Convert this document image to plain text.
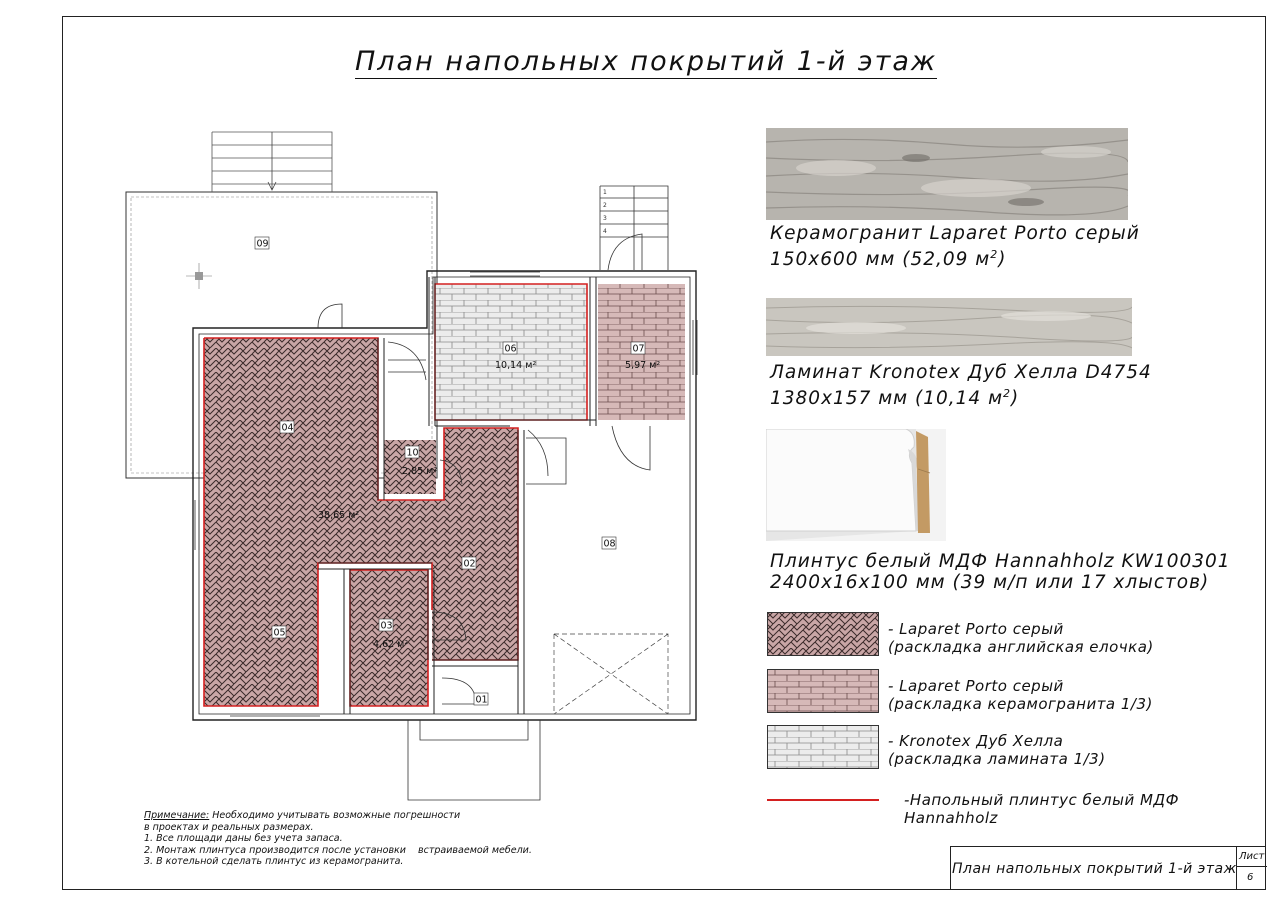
План напольных покрытий 1-й этаж
09
06
10,14 м²
07
5,97 м²
04
38,65 м²
10
2,85 м²
08
02
05
03
4,62 м²
01
1
2
3
4	Керамогранит Laparet Porto серый
150х600 мм (52,09 $м^2$)
Ламинат Kronotex Дуб Хелла D4754
1380х157 мм (10,14 $м^2$)
Плинтус белый МДФ Hannahholz KW100301
2400х16х100 мм (39 м/п или 17 хлыстов)
- Laparet Porto серый
(раскладка английская елочка)
- Laparet Porto серый
(раскладка керамогранита 1/3)
- Kronotex Дуб Хелла
(раскладка ламината 1/3)
-Напольный плинтус белый МДФ
Hannahholz
Примечание: Необходимо учитывать возможные погрешности
в проектах и реальных размерах.
1. Все площади даны без учета запаса.
2. Монтаж плинтуса производится после установки    встраиваемой мебели.
3. В котельной сделать плинтус из керамогранита.	План напольных покрытий 1-й этаж
Лист
6
